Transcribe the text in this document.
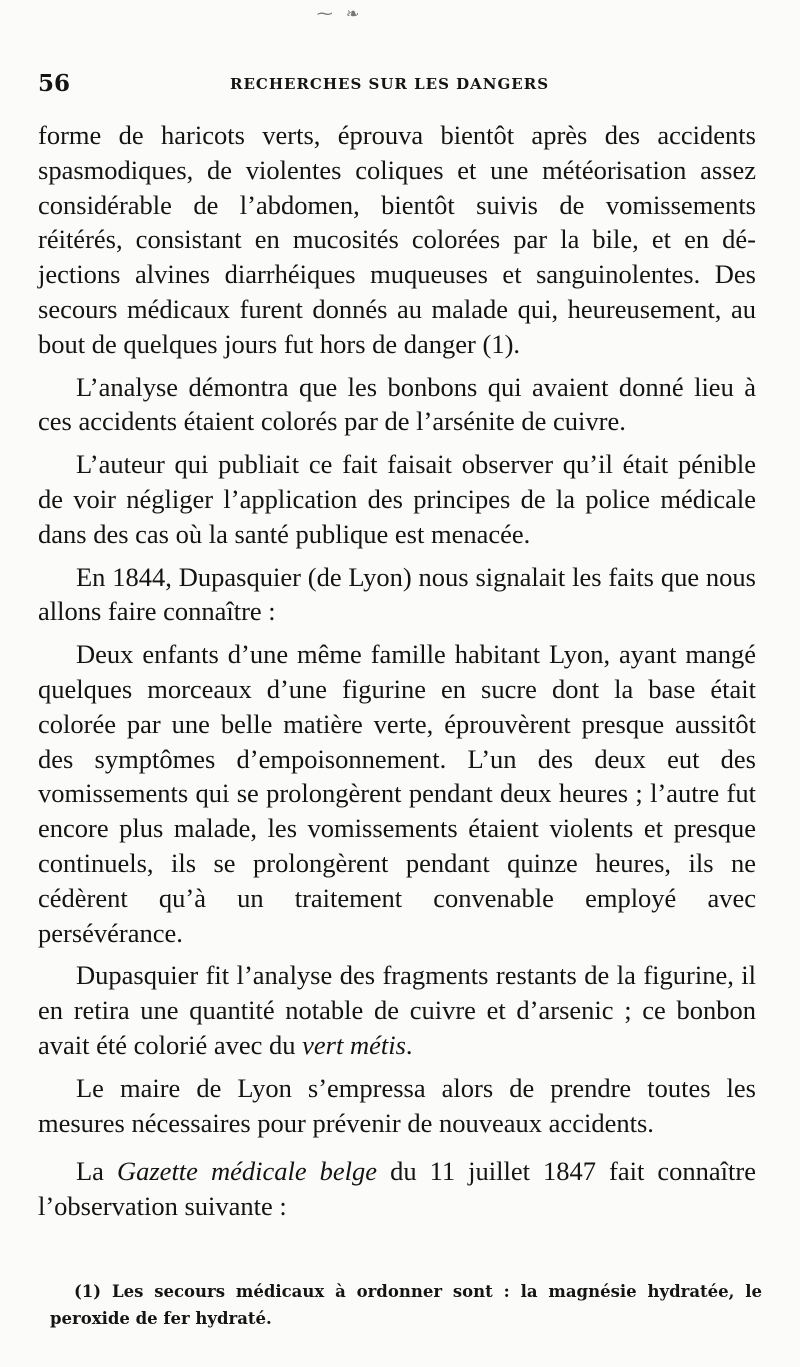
⁓ ❧
56	RECHERCHES SUR LES DANGERS

forme de haricots verts, éprouva bientôt après des accidents spasmodiques, de violentes coliques et une météorisation assez considérable de l’abdomen, bientôt suivis de vomissements réitérés, consistant en mucosités colorées par la bile, et en déjections alvines diarrhéiques muqueuses et sanguinolentes. Des secours médicaux furent donnés au malade qui, heureusement, au bout de quelques jours fut hors de danger (1).

L’analyse démontra que les bonbons qui avaient donné lieu à ces accidents étaient colorés par de l’arsénite de cuivre.

L’auteur qui publiait ce fait faisait observer qu’il était pénible de voir négliger l’application des principes de la police médicale dans des cas où la santé publique est menacée.

En 1844, Dupasquier (de Lyon) nous signalait les faits que nous allons faire connaître :

Deux enfants d’une même famille habitant Lyon, ayant mangé quelques morceaux d’une figurine en sucre dont la base était colorée par une belle matière verte, éprouvèrent presque aussitôt des symptômes d’empoisonnement. L’un des deux eut des vomissements qui se prolongèrent pendant deux heures ; l’autre fut encore plus malade, les vomissements étaient violents et presque continuels, ils se prolongèrent pendant quinze heures, ils ne cédèrent qu’à un traitement convenable employé avec persévérance.

Dupasquier fit l’analyse des fragments restants de la figurine, il en retira une quantité notable de cuivre et d’arsenic ; ce bonbon avait été colorié avec du vert métis.

Le maire de Lyon s’empressa alors de prendre toutes les mesures nécessaires pour prévenir de nouveaux accidents.

La Gazette médicale belge du 11 juillet 1847 fait connaître l’observation suivante :

(1) Les secours médicaux à ordonner sont : la magnésie hydratée, le peroxide de fer hydraté.
